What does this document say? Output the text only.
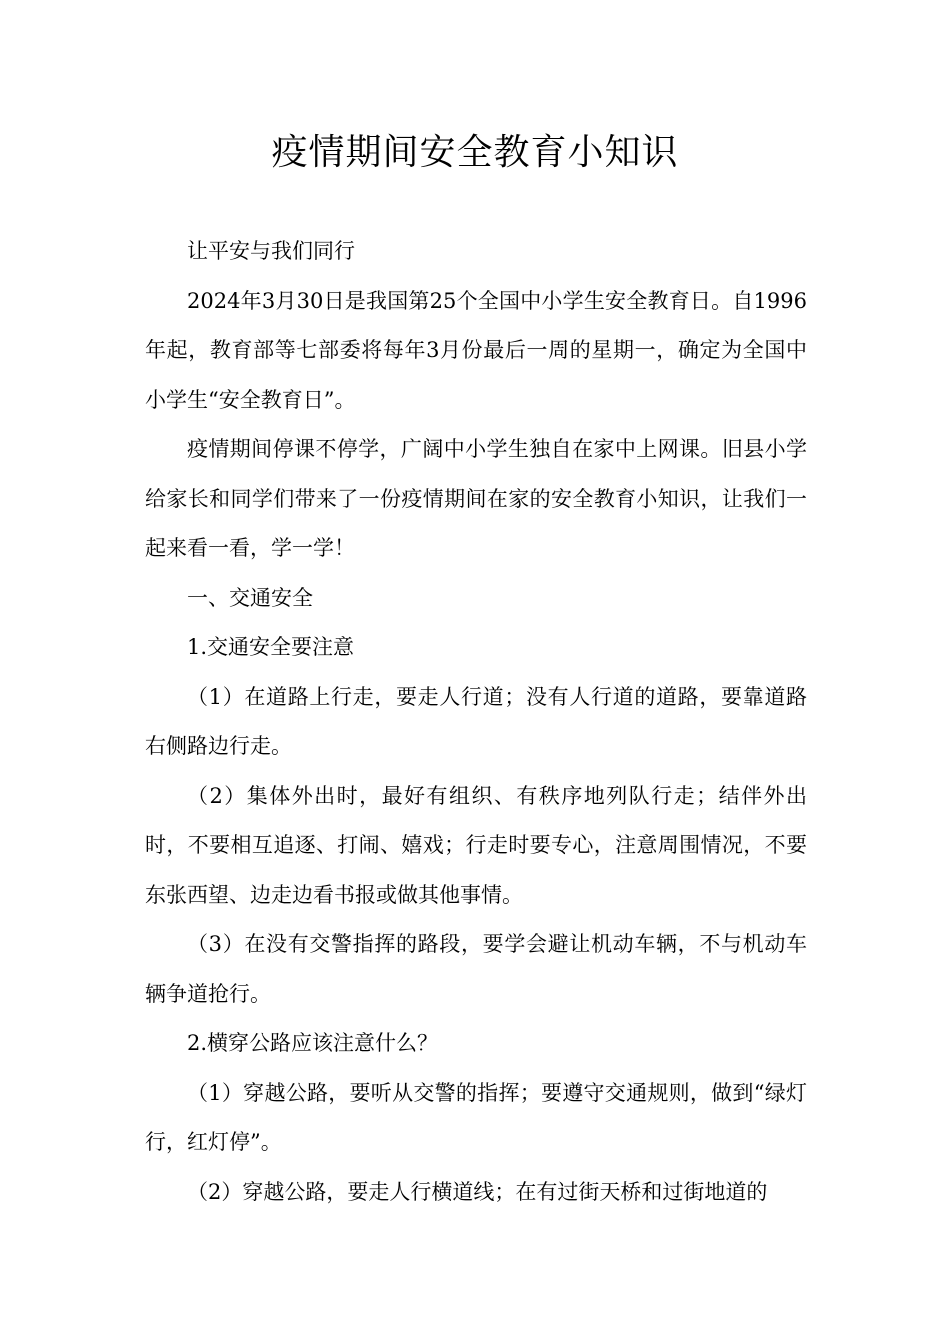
疫情期间安全教育小知识

让平安与我们同行

2024年3月30日是我国第25个全国中小学生安全教育日。自1996年起，教育部等七部委将每年3月份最后一周的星期一，确定为全国中小学生“安全教育日”。

疫情期间停课不停学，广阔中小学生独自在家中上网课。旧县小学给家长和同学们带来了一份疫情期间在家的安全教育小知识，让我们一起来看一看，学一学！

一、交通安全

1.交通安全要注意

（1）在道路上行走，要走人行道；没有人行道的道路，要靠道路右侧路边行走。

（2）集体外出时，最好有组织、有秩序地列队行走；结伴外出时，不要相互追逐、打闹、嬉戏；行走时要专心，注意周围情况，不要东张西望、边走边看书报或做其他事情。

（3）在没有交警指挥的路段，要学会避让机动车辆，不与机动车辆争道抢行。

2.横穿公路应该注意什么？

（1）穿越公路，要听从交警的指挥；要遵守交通规则，做到“绿灯行，红灯停”。

（2）穿越公路，要走人行横道线；在有过街天桥和过街地道的
